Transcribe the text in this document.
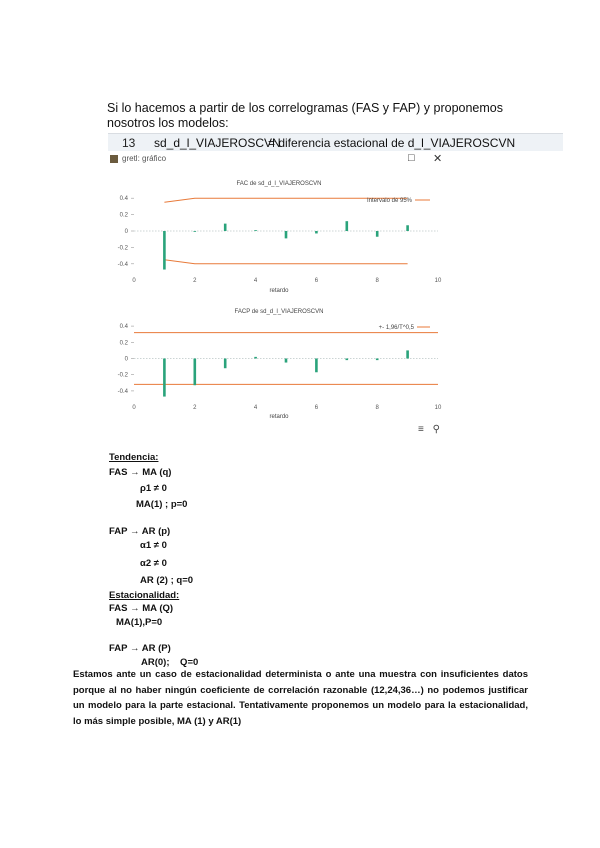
Si lo hacemos a partir de los correlogramas (FAS y FAP) y proponemos nosotros los modelos:
13 sd_d_l_VIAJEROSCVN
= diferencia estacional de d_l_VIAJEROSCVN
gretl: gráfico	□ ✕
FAC de sd_d_l_VIAJEROSCVN
0.4
0.2
0
-0.2
-0.4
0	2	4	6	8	10
Intervalo de 95%
retardo
FACP de sd_d_l_VIAJEROSCVN
0.4
0.2
0
-0.2
-0.4
0	2	4	6	8	10
+- 1,96/T^0,5
retardo
≡ ⚲
Tendencia:
FAS → MA (q)
ρ1 ≠ 0
MA(1) ; p=0
FAP → AR (p)
α1 ≠ 0
α2 ≠ 0
AR (2) ; q=0
Estacionalidad:
FAS → MA (Q)
MA(1),P=0
FAP → AR (P)
AR(0);    Q=0
Estamos ante un caso de estacionalidad determinista o ante una muestra con insuficientes datos porque al no haber ningún coeficiente de correlación razonable (12,24,36…) no podemos justificar un modelo para la parte estacional. Tentativamente proponemos un modelo para la estacionalidad, lo más simple posible, MA (1) y AR(1)
